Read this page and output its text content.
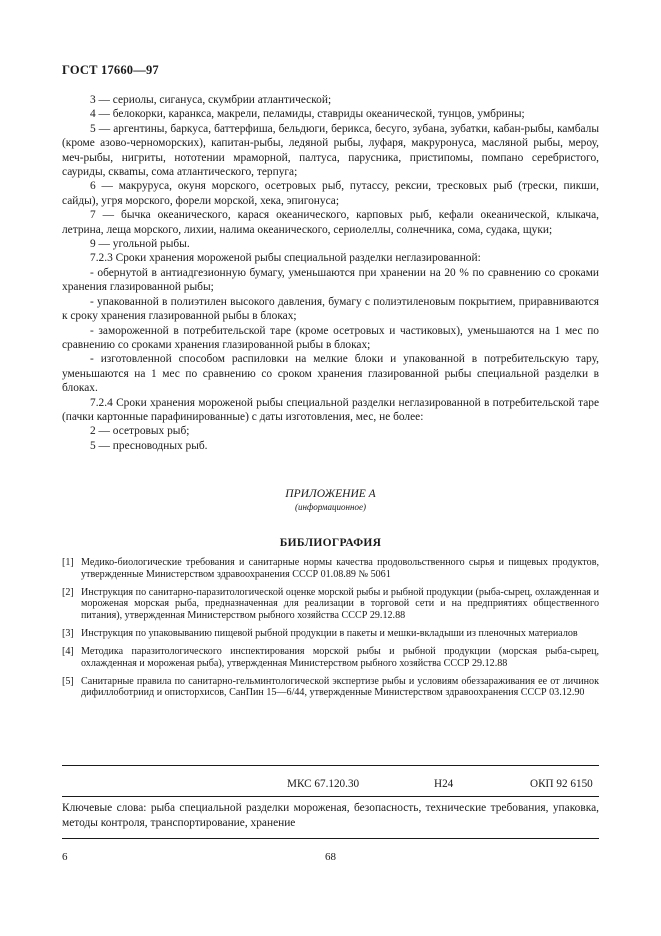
ГОСТ 17660—97

3 — сериолы, сигануса, скумбрии атлантической;

4 — белокорки, каранкса, макрели, пеламиды, ставриды океанической, тунцов, умбрины;

5 — аргентины, баркуса, баттерфиша, бельдюги, берикса, бесуго, зубана, зубатки, кабан-рыбы, камбалы (кроме азово-черноморских), капитан-рыбы, ледяной рыбы, луфаря, макруронуса, масляной рыбы, мероу, меч-рыбы, нигриты, нототении мраморной, палтуса, парусника, пристипомы, помпано серебристого, сауриды, скваmы, сома атлантического, терпуга;

6 — макруруса, окуня морского, осетровых рыб, путассу, рексии, тресковых рыб (трески, пикши, сайды), угря морского, форели морской, хека, эпигонуса;

7 — бычка океанического, карася океанического, карповых рыб, кефали океанической, клыкача, летрина, леща морского, лихии, налима океанического, сериолеллы, солнечника, сома, судака, щуки;

9 — угольной рыбы.

7.2.3 Сроки хранения мороженой рыбы специальной разделки неглазированной:

- обернутой в антиадгезионную бумагу, уменьшаются при хранении на 20 % по сравнению со сроками хранения глазированной рыбы;

- упакованной в полиэтилен высокого давления, бумагу с полиэтиленовым покрытием, приравниваются к сроку хранения глазированной рыбы в блоках;

- замороженной в потребительской таре (кроме осетровых и частиковых), уменьшаются на 1 мес по сравнению со сроками хранения глазированной рыбы в блоках;

- изготовленной способом распиловки на мелкие блоки и упакованной в потребительскую тару, уменьшаются на 1 мес по сравнению со сроком хранения глазированной рыбы специальной разделки в блоках.

7.2.4 Сроки хранения мороженой рыбы специальной разделки неглазированной в потребительской таре (пачки картонные парафинированные) с даты изготовления, мес, не более:

2 — осетровых рыб;

5 — пресноводных рыб.

ПРИЛОЖЕНИЕ А
(информационное)
БИБЛИОГРАФИЯ
[1] Медико-биологические требования и санитарные нормы качества продовольственного сырья и пищевых продуктов, утвержденные Министерством здравоохранения СССР 01.08.89 № 5061
[2] Инструкция по санитарно-паразитологической оценке морской рыбы и рыбной продукции (рыба-сырец, охлажденная и мороженая морская рыба, предназначенная для реализации в торговой сети и на предприятиях общественного питания), утвержденная Министерством рыбного хозяйства СССР 29.12.88
[3] Инструкция по упаковыванию пищевой рыбной продукции в пакеты и мешки-вкладыши из пленочных материалов
[4] Методика паразитологического инспектирования морской рыбы и рыбной продукции (морская рыба-сырец, охлажденная и мороженая рыба), утвержденная Министерством рыбного хозяйства СССР 29.12.88
[5] Санитарные правила по санитарно-гельминтологической экспертизе рыбы и условиям обеззараживания ее от личинок дифиллоботриид и описторхисов, СанПин 15—6/44, утвержденные Министерством здравоохранения СССР 03.12.90
МКС 67.120.30	Н24	ОКП 92 6150
Ключевые слова: рыба специальной разделки мороженая, безопасность, технические требования, упаковка, методы контроля, транспортирование, хранение
6	68
